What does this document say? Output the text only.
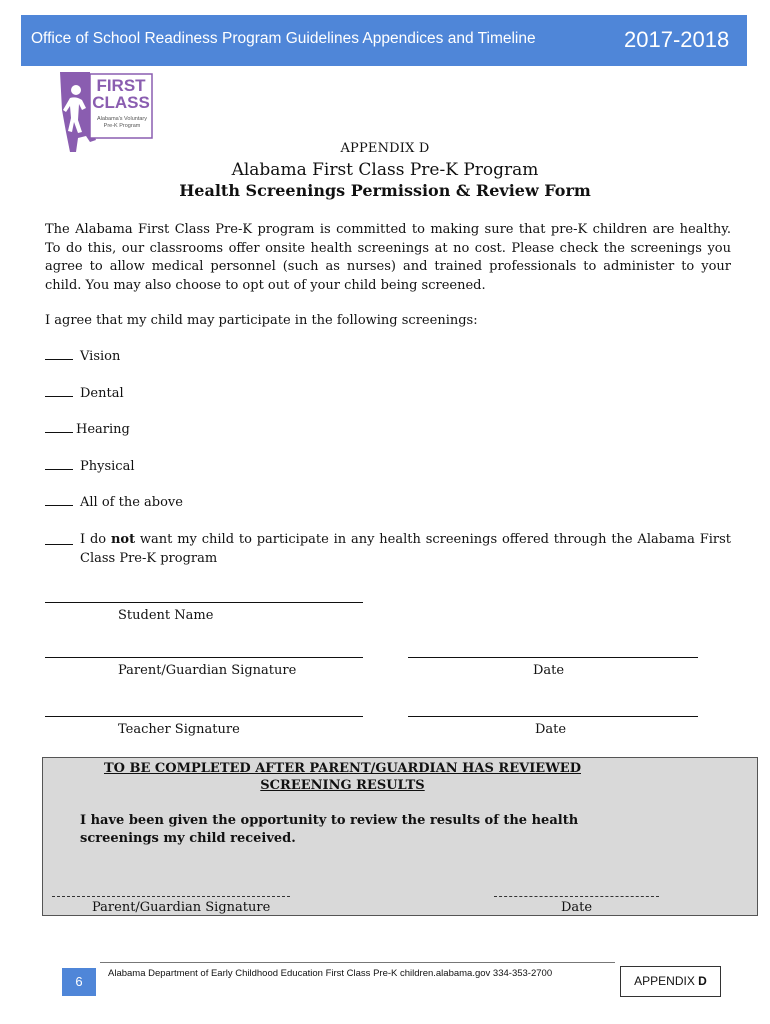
Office of School Readiness Program Guidelines Appendices and Timeline	2017-2018
FIRST
CLASS
Alabama's Voluntary
Pre-K Program
APPENDIX D
Alabama First Class Pre-K Program
Health Screenings Permission & Review Form
The Alabama First Class Pre-K program is committed to making sure that pre-K children are healthy. To do this, our classrooms offer onsite health screenings at no cost. Please check the screenings you agree to allow medical personnel (such as nurses) and trained professionals to administer to your child. You may also choose to opt out of your child being screened.
I agree that my child may participate in the following screenings:
Vision
Dental
Hearing
Physical
All of the above
I do not want my child to participate in any health screenings offered through the Alabama First Class Pre-K program
Student Name
Parent/Guardian Signature	Date
Teacher Signature	Date
TO BE COMPLETED AFTER PARENT/GUARDIAN HAS REVIEWED SCREENING RESULTS
I have been given the opportunity to review the results of the health screenings my child received.
Parent/Guardian Signature	Date
6
Alabama Department of Early Childhood Education First Class Pre-K children.alabama.gov 334-353-2700
APPENDIX D
